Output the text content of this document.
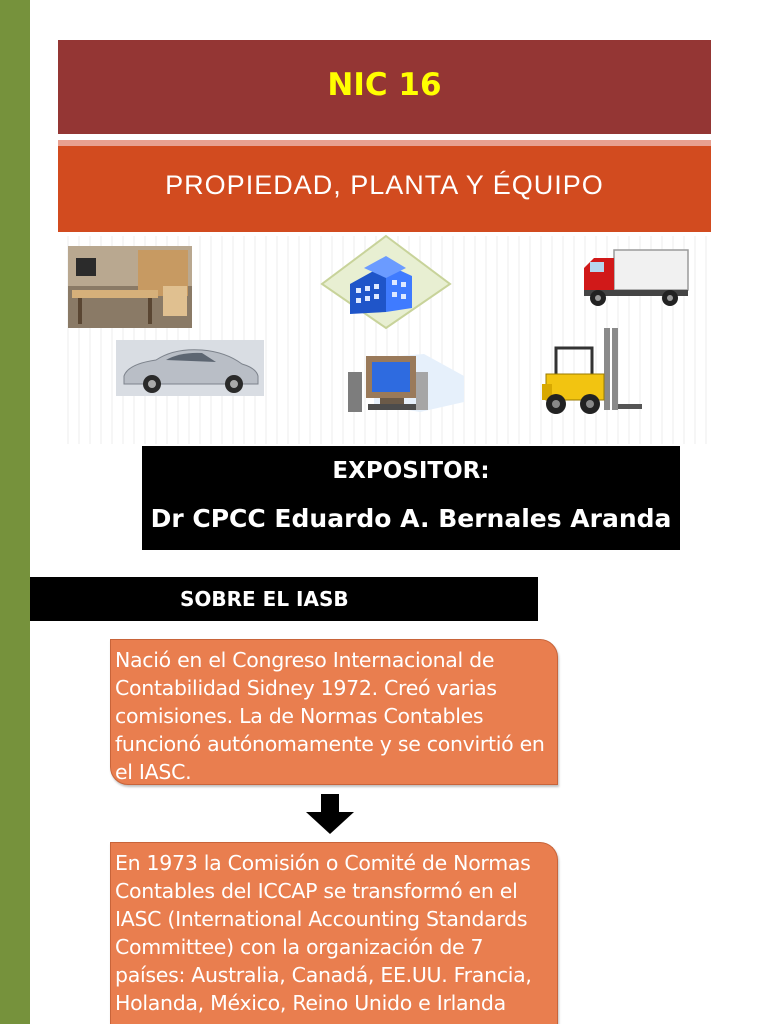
NIC 16
PROPIEDAD, PLANTA Y ÉQUIPO
EXPOSITOR:
Dr CPCC Eduardo A. Bernales Aranda
SOBRE EL IASB
Nació en el Congreso Internacional de Contabilidad Sidney 1972. Creó varias comisiones. La de Normas Contables funcionó autónomamente y se convirtió en el IASC.
En 1973 la Comisión o Comité de Normas Contables del ICCAP se transformó en el IASC (International Accounting Standards Committee) con la organización de 7 países: Australia, Canadá, EE.UU. Francia, Holanda, México, Reino Unido e Irlanda
